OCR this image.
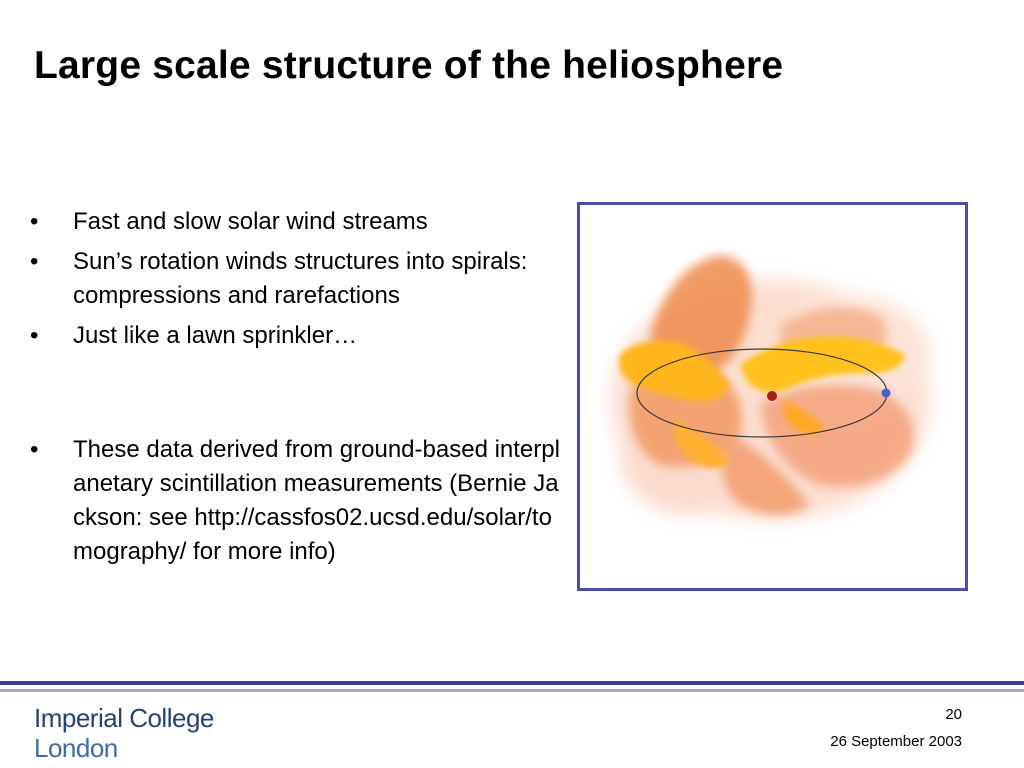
Large scale structure of the heliosphere
• Fast and slow solar wind streams
• Sun’s rotation winds structures into spirals: compressions and rarefactions
• Just like a lawn sprinkler…
• These data derived from ground-based interplanetary scintillation measurements (Bernie Jackson: see http://cassfos02.ucsd.edu/solar/tomography/ for more info)
Imperial College
London
20
26 September 2003
